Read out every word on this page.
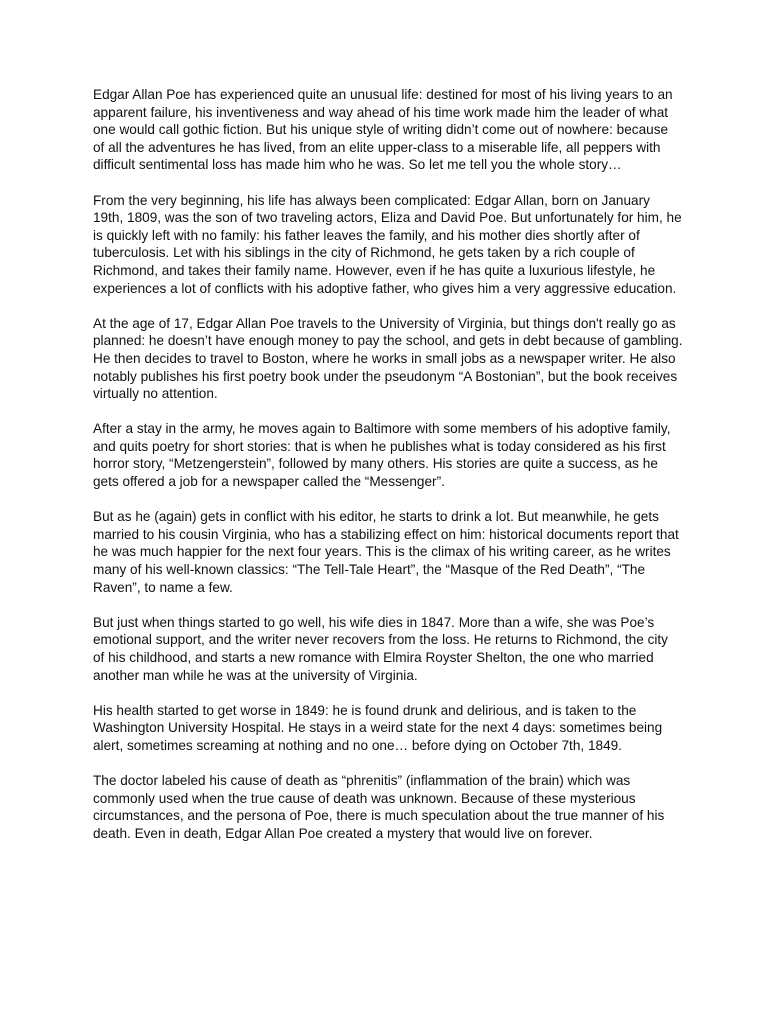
Edgar Allan Poe has experienced quite an unusual life: destined for most of his living years to an apparent failure, his inventiveness and way ahead of his time work made him the leader of what one would call gothic fiction. But his unique style of writing didn’t come out of nowhere: because of all the adventures he has lived, from an elite upper-class to a miserable life, all peppers with difficult sentimental loss has made him who he was. So let me tell you the whole story…

From the very beginning, his life has always been complicated: Edgar Allan, born on January 19th, 1809, was the son of two traveling actors, Eliza and David Poe. But unfortunately for him, he is quickly left with no family: his father leaves the family, and his mother dies shortly after of tuberculosis. Let with his siblings in the city of Richmond, he gets taken by a rich couple of Richmond, and takes their family name. However, even if he has quite a luxurious lifestyle, he experiences a lot of conflicts with his adoptive father, who gives him a very aggressive education.

At the age of 17, Edgar Allan Poe travels to the University of Virginia, but things don't really go as planned: he doesn’t have enough money to pay the school, and gets in debt because of gambling. He then decides to travel to Boston, where he works in small jobs as a newspaper writer. He also notably publishes his first poetry book under the pseudonym “A Bostonian”, but the book receives virtually no attention.

After a stay in the army, he moves again to Baltimore with some members of his adoptive family, and quits poetry for short stories: that is when he publishes what is today considered as his first horror story, “Metzengerstein”, followed by many others. His stories are quite a success, as he gets offered a job for a newspaper called the “Messenger”.

But as he (again) gets in conflict with his editor, he starts to drink a lot. But meanwhile, he gets married to his cousin Virginia, who has a stabilizing effect on him: historical documents report that he was much happier for the next four years. This is the climax of his writing career, as he writes many of his well-known classics: “The Tell-Tale Heart”, the “Masque of the Red Death”, “The Raven”, to name a few.

But just when things started to go well, his wife dies in 1847. More than a wife, she was Poe’s emotional support, and the writer never recovers from the loss. He returns to Richmond, the city of his childhood, and starts a new romance with Elmira Royster Shelton, the one who married another man while he was at the university of Virginia.

His health started to get worse in 1849: he is found drunk and delirious, and is taken to the Washington University Hospital. He stays in a weird state for the next 4 days: sometimes being alert, sometimes screaming at nothing and no one… before dying on October 7th, 1849.

The doctor labeled his cause of death as “phrenitis” (inflammation of the brain) which was commonly used when the true cause of death was unknown. Because of these mysterious circumstances, and the persona of Poe, there is much speculation about the true manner of his death. Even in death, Edgar Allan Poe created a mystery that would live on forever.
